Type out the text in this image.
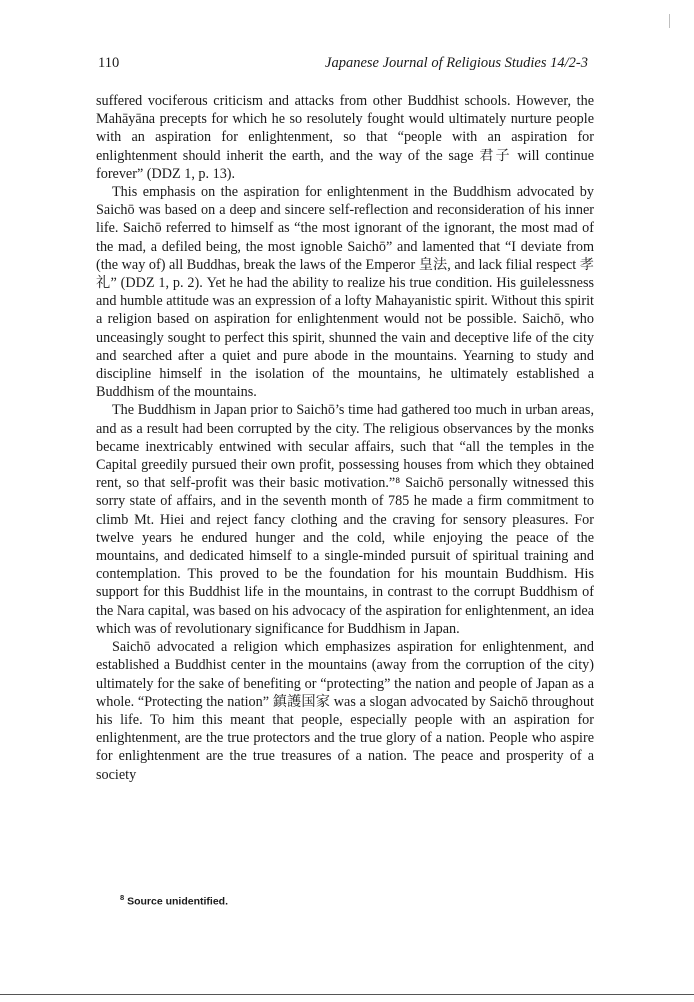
110	Japanese Journal of Religious Studies 14/2-3

suffered vociferous criticism and attacks from other Buddhist schools. However, the Mahāyāna precepts for which he so resolutely fought would ultimately nurture people with an aspiration for enlightenment, so that “people with an aspiration for enlightenment should inherit the earth, and the way of the sage 君子 will continue forever” (DDZ 1, p. 13).

This emphasis on the aspiration for enlightenment in the Buddhism advocated by Saichō was based on a deep and sincere self-reflection and reconsideration of his inner life. Saichō referred to himself as “the most ignorant of the ignorant, the most mad of the mad, a defiled being, the most ignoble Saichō” and lamented that “I deviate from (the way of) all Buddhas, break the laws of the Emperor 皇法, and lack filial respect 孝礼” (DDZ 1, p. 2). Yet he had the ability to realize his true condition. His guilelessness and humble attitude was an expression of a lofty Mahayanistic spirit. Without this spirit a religion based on aspiration for enlightenment would not be possible. Saichō, who unceasingly sought to perfect this spirit, shunned the vain and deceptive life of the city and searched after a quiet and pure abode in the mountains. Yearning to study and discipline himself in the isolation of the mountains, he ultimately established a Buddhism of the mountains.

The Buddhism in Japan prior to Saichō’s time had gathered too much in urban areas, and as a result had been corrupted by the city. The religious observances by the monks became inextricably entwined with secular affairs, such that “all the temples in the Capital greedily pursued their own profit, possessing houses from which they obtained rent, so that self-profit was their basic motivation.”⁸ Saichō personally witnessed this sorry state of affairs, and in the seventh month of 785 he made a firm commitment to climb Mt. Hiei and reject fancy clothing and the craving for sensory pleasures. For twelve years he endured hunger and the cold, while enjoying the peace of the mountains, and dedicated himself to a single-minded pursuit of spiritual training and contemplation. This proved to be the foundation for his mountain Buddhism. His support for this Buddhist life in the mountains, in contrast to the corrupt Buddhism of the Nara capital, was based on his advocacy of the aspiration for enlightenment, an idea which was of revolutionary significance for Buddhism in Japan.

Saichō advocated a religion which emphasizes aspiration for enlightenment, and established a Buddhist center in the mountains (away from the corruption of the city) ultimately for the sake of benefiting or “protecting” the nation and people of Japan as a whole. “Protecting the nation” 鎮護国家 was a slogan advocated by Saichō throughout his life. To him this meant that people, especially people with an aspiration for enlightenment, are the true protectors and the true glory of a nation. People who aspire for enlightenment are the true treasures of a nation. The peace and prosperity of a society

$^8$ Source unidentified.
